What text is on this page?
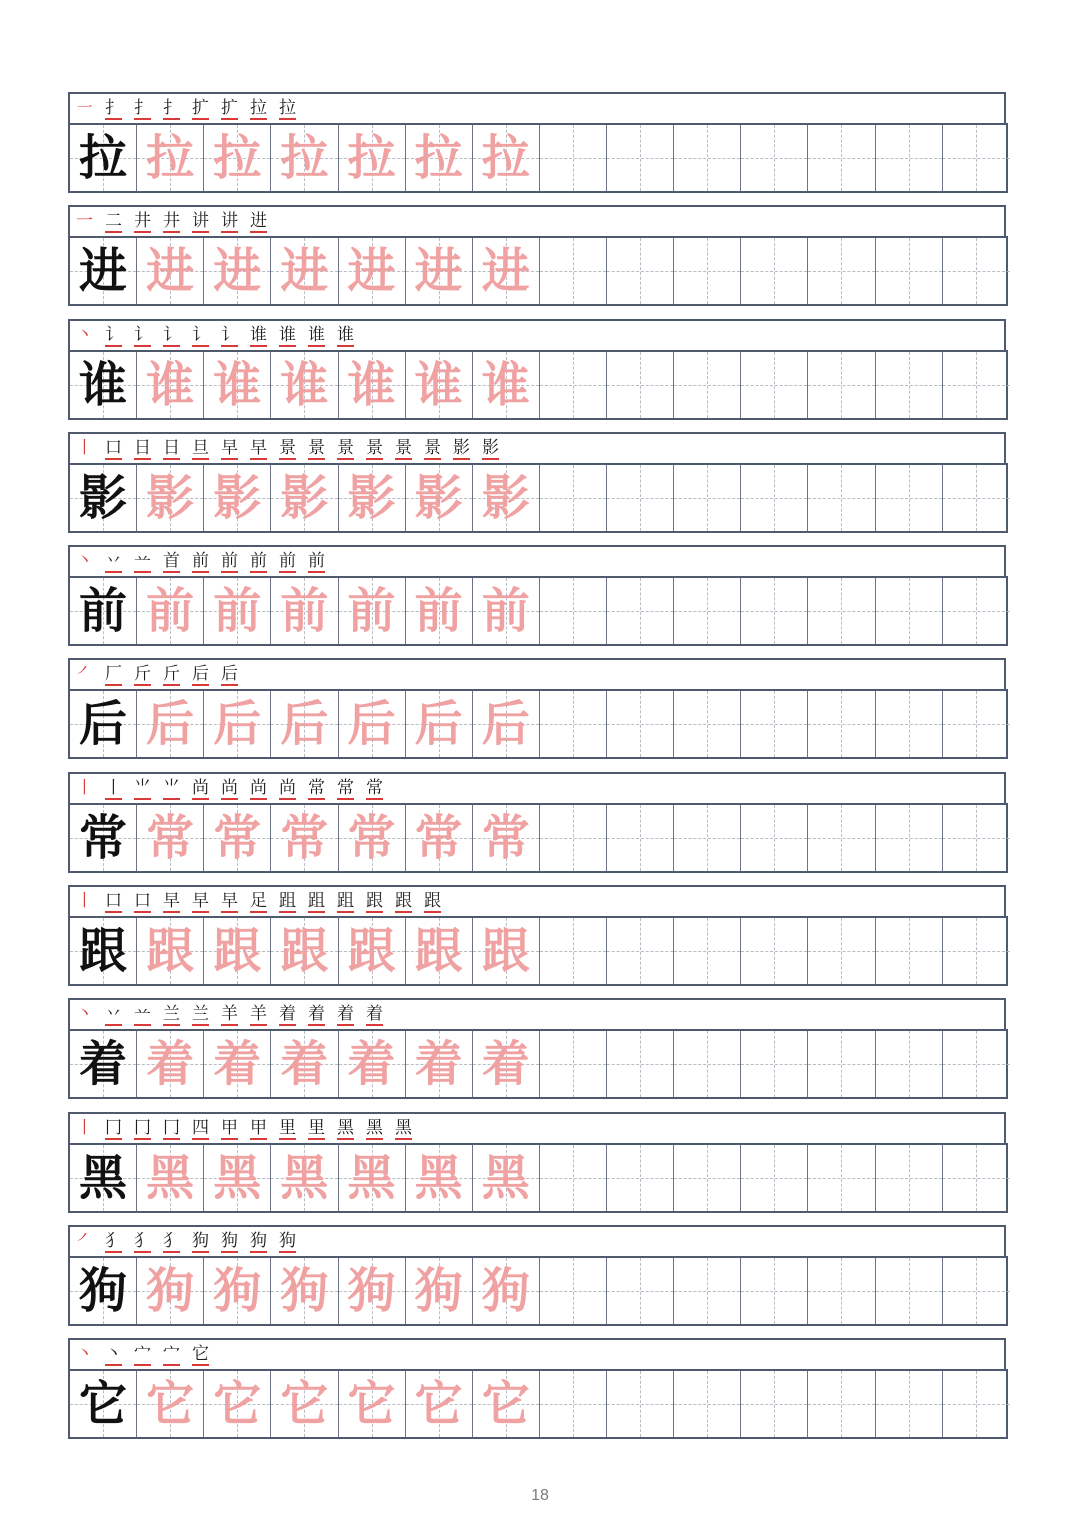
㇐ 扌 扌 扌 扩 扩 拉 拉
拉 拉 拉 拉 拉 拉 拉
一 二 井 井 讲 讲 进
进 进 进 进 进 进 进
丶 讠 讠 讠 讠 讠 谁 谁 谁 谁
谁 谁 谁 谁 谁 谁 谁
丨 口 日 日 旦 早 早 景 景 景 景 景 景 影 影
影 影 影 影 影 影 影
丶 丷 䒑 首 前 前 前 前 前
前 前 前 前 前 前 前
㇒ 厂 斤 斤 后 后
后 后 后 后 后 后 后
丨 丨 ⺌ ⺌ 尚 尚 尚 尚 常 常 常
常 常 常 常 常 常 常
丨 口 口 早 早 早 足 跙 跙 跙 跟 跟 跟
跟 跟 跟 跟 跟 跟 跟
丶 丷 䒑 兰 兰 羊 羊 着 着 着 着
着 着 着 着 着 着 着
丨 冂 冂 冂 四 甲 甲 里 里 黑 黑 黑
黑 黑 黑 黑 黑 黑 黑
㇒ 犭 犭 犭 狗 狗 狗 狗
狗 狗 狗 狗 狗 狗 狗
丶 丶 宀 宀 它
它 它 它 它 它 它 它
18
